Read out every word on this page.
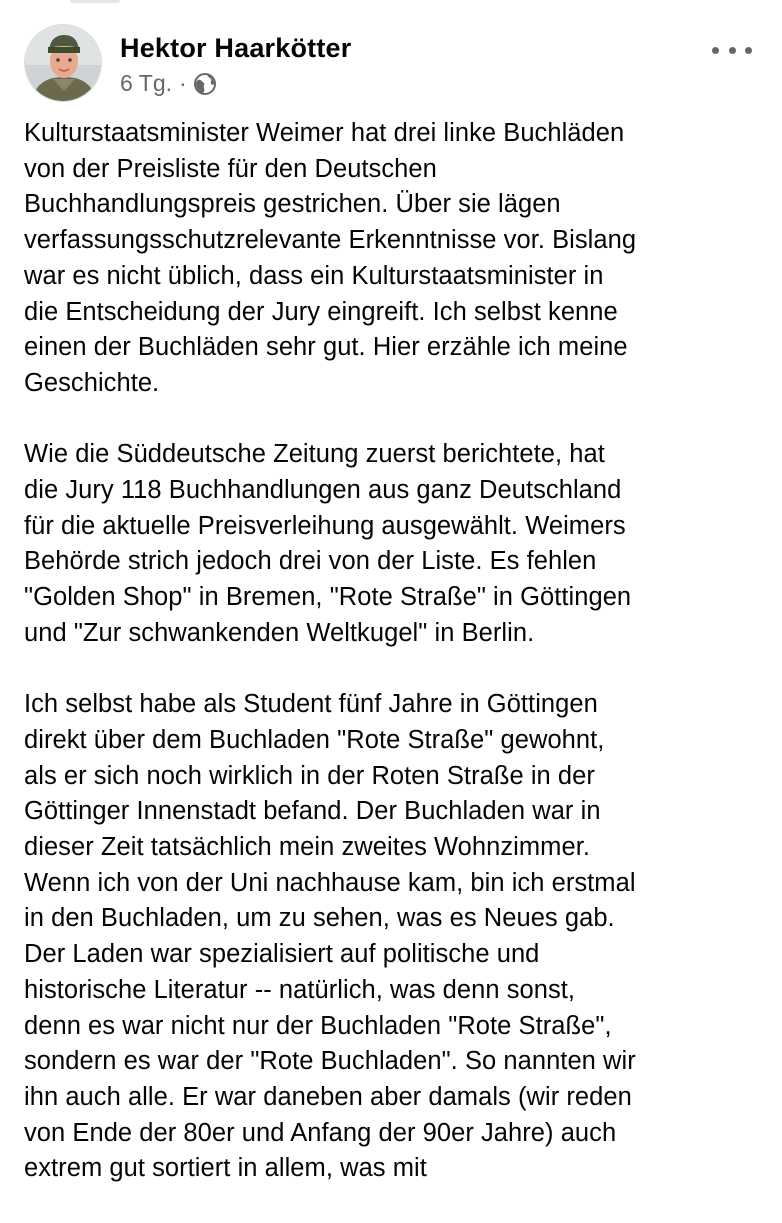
Hektor Haarkötter
6 Tg. ·

Kulturstaatsminister Weimer hat drei linke Buchläden
von der Preisliste für den Deutschen
Buchhandlungspreis gestrichen. Über sie lägen
verfassungsschutzrelevante Erkenntnisse vor. Bislang
war es nicht üblich, dass ein Kulturstaatsminister in
die Entscheidung der Jury eingreift. Ich selbst kenne
einen der Buchläden sehr gut. Hier erzähle ich meine
Geschichte.

Wie die Süddeutsche Zeitung zuerst berichtete, hat
die Jury 118 Buchhandlungen aus ganz Deutschland
für die aktuelle Preisverleihung ausgewählt. Weimers
Behörde strich jedoch drei von der Liste. Es fehlen
"Golden Shop" in Bremen, "Rote Straße" in Göttingen
und "Zur schwankenden Weltkugel" in Berlin.

Ich selbst habe als Student fünf Jahre in Göttingen
direkt über dem Buchladen "Rote Straße" gewohnt,
als er sich noch wirklich in der Roten Straße in der
Göttinger Innenstadt befand. Der Buchladen war in
dieser Zeit tatsächlich mein zweites Wohnzimmer.
Wenn ich von der Uni nachhause kam, bin ich erstmal
in den Buchladen, um zu sehen, was es Neues gab.
Der Laden war spezialisiert auf politische und
historische Literatur -- natürlich, was denn sonst,
denn es war nicht nur der Buchladen "Rote Straße",
sondern es war der "Rote Buchladen". So nannten wir
ihn auch alle. Er war daneben aber damals (wir reden
von Ende der 80er und Anfang der 90er Jahre) auch
extrem gut sortiert in allem, was mit
